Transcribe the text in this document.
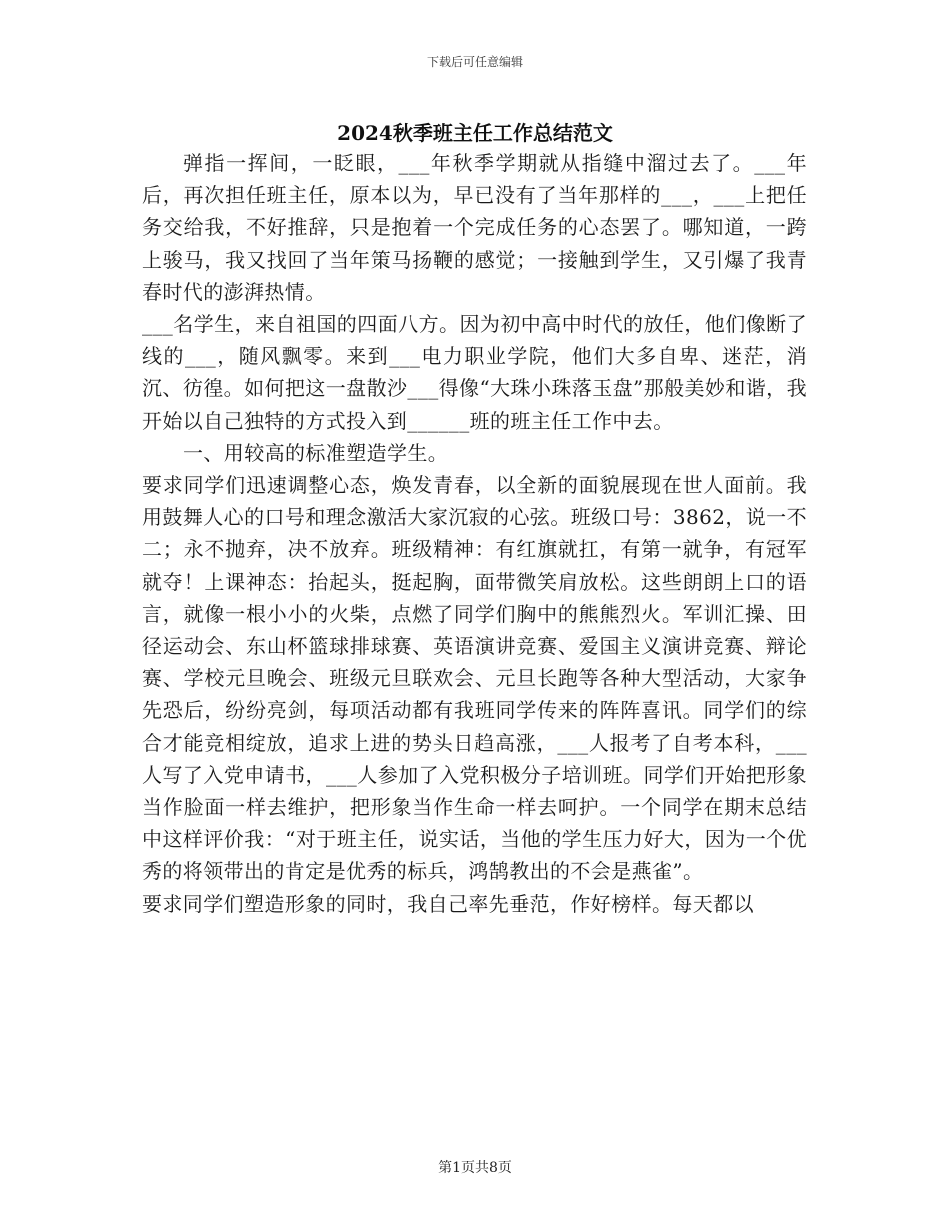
下载后可任意编辑
2024秋季班主任工作总结范文

弹指一挥间，一眨眼，___年秋季学期就从指缝中溜过去了。___年后，再次担任班主任，原本以为，早已没有了当年那样的___，___上把任务交给我，不好推辞，只是抱着一个完成任务的心态罢了。哪知道，一跨上骏马，我又找回了当年策马扬鞭的感觉；一接触到学生，又引爆了我青春时代的澎湃热情。

___名学生，来自祖国的四面八方。因为初中高中时代的放任，他们像断了线的___，随风飘零。来到___电力职业学院，他们大多自卑、迷茫，消沉、彷徨。如何把这一盘散沙___得像“大珠小珠落玉盘”那般美妙和谐，我开始以自己独特的方式投入到______班的班主任工作中去。

一、用较高的标准塑造学生。

要求同学们迅速调整心态，焕发青春，以全新的面貌展现在世人面前。我用鼓舞人心的口号和理念激活大家沉寂的心弦。班级口号：3862，说一不二；永不抛弃，决不放弃。班级精神：有红旗就扛，有第一就争，有冠军就夺！上课神态：抬起头，挺起胸，面带微笑肩放松。这些朗朗上口的语言，就像一根小小的火柴，点燃了同学们胸中的熊熊烈火。军训汇操、田径运动会、东山杯篮球排球赛、英语演讲竞赛、爱国主义演讲竞赛、辩论赛、学校元旦晚会、班级元旦联欢会、元旦长跑等各种大型活动，大家争先恐后，纷纷亮剑，每项活动都有我班同学传来的阵阵喜讯。同学们的综合才能竞相绽放，追求上进的势头日趋高涨，___人报考了自考本科，___人写了入党申请书，___人参加了入党积极分子培训班。同学们开始把形象当作脸面一样去维护，把形象当作生命一样去呵护。一个同学在期末总结中这样评价我：“对于班主任，说实话，当他的学生压力好大，因为一个优秀的将领带出的肯定是优秀的标兵，鸿鹄教出的不会是燕雀”。

要求同学们塑造形象的同时，我自己率先垂范，作好榜样。每天都以

第1页共8页
